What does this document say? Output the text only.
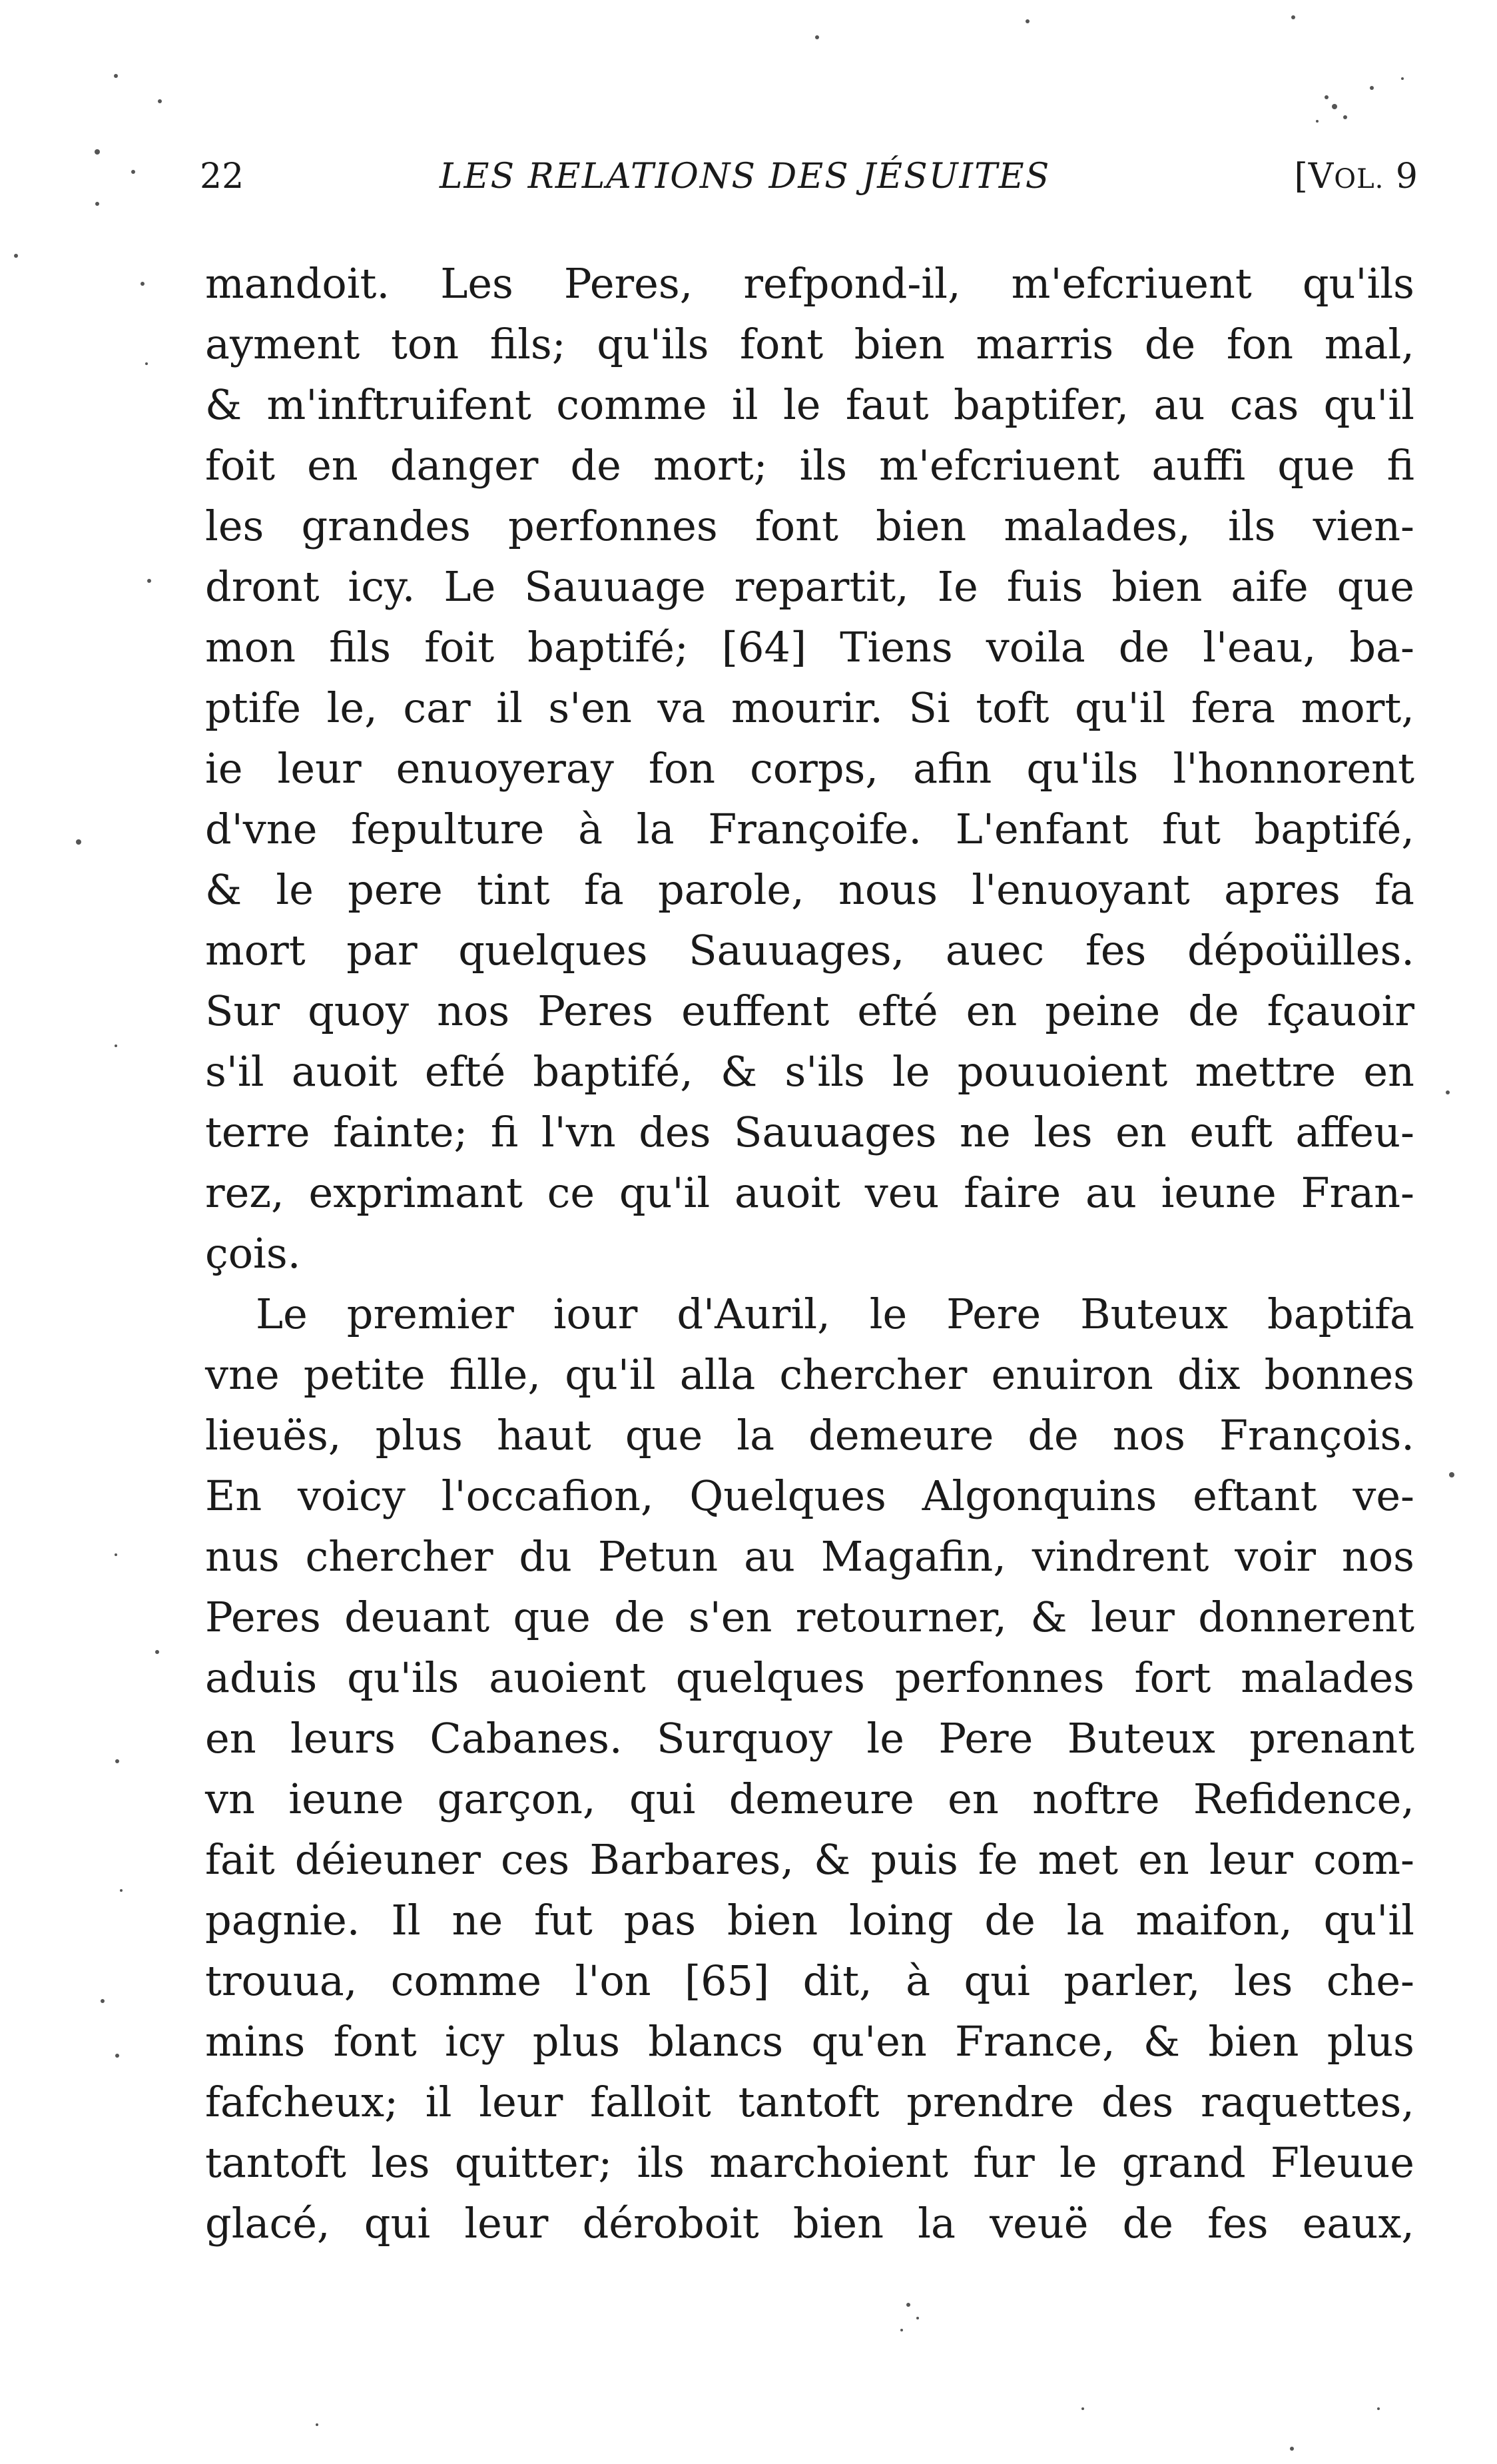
22	LES RELATIONS DES JÉSUITES	[VOL. 9
mandoit. Les Peres, refpond-il, m'efcriuent qu'ils
ayment ton fils; qu'ils font bien marris de fon mal,
& m'inftruifent comme il le faut baptifer, au cas qu'il
foit en danger de mort; ils m'efcriuent auffi que fi
les grandes perfonnes font bien malades, ils vien-
dront icy. Le Sauuage repartit, Ie fuis bien aife que
mon fils foit baptifé; [64] Tiens voila de l'eau, ba-
ptife le, car il s'en va mourir. Si toft qu'il fera mort,
ie leur enuoyeray fon corps, afin qu'ils l'honnorent
d'vne fepulture à la Françoife. L'enfant fut baptifé,
& le pere tint fa parole, nous l'enuoyant apres fa
mort par quelques Sauuages, auec fes dépoüilles.
Sur quoy nos Peres euffent efté en peine de fçauoir
s'il auoit efté baptifé, & s'ils le pouuoient mettre en
terre fainte; fi l'vn des Sauuages ne les en euft affeu-
rez, exprimant ce qu'il auoit veu faire au ieune Fran-
çois.
Le premier iour d'Auril, le Pere Buteux baptifa
vne petite fille, qu'il alla chercher enuiron dix bonnes
lieuës, plus haut que la demeure de nos François.
En voicy l'occafion, Quelques Algonquins eftant ve-
nus chercher du Petun au Magafin, vindrent voir nos
Peres deuant que de s'en retourner, & leur donnerent
aduis qu'ils auoient quelques perfonnes fort malades
en leurs Cabanes. Surquoy le Pere Buteux prenant
vn ieune garçon, qui demeure en noftre Refidence,
fait déieuner ces Barbares, & puis fe met en leur com-
pagnie. Il ne fut pas bien loing de la maifon, qu'il
trouua, comme l'on [65] dit, à qui parler, les che-
mins font icy plus blancs qu'en France, & bien plus
fafcheux; il leur falloit tantoft prendre des raquettes,
tantoft les quitter; ils marchoient fur le grand Fleuue
glacé, qui leur déroboit bien la veuë de fes eaux,
